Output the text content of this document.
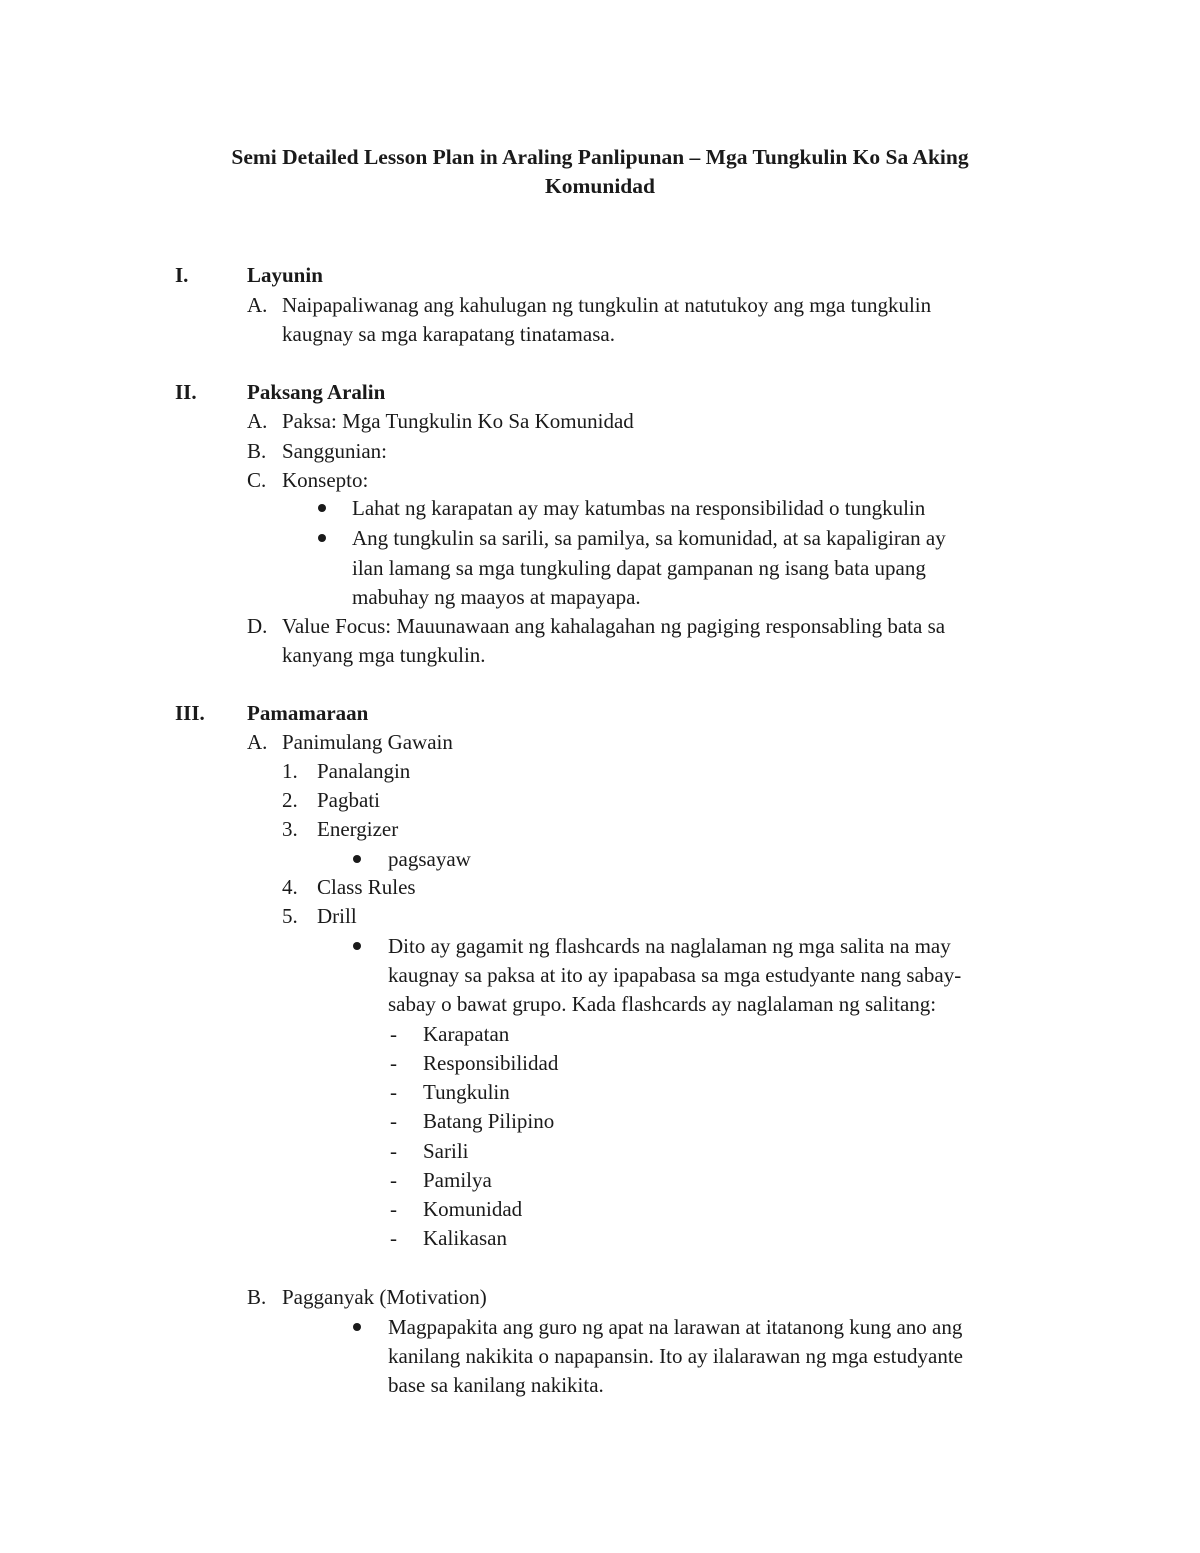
Semi Detailed Lesson Plan in Araling Panlipunan – Mga Tungkulin Ko Sa Aking
Komunidad
I.	Layunin
A. Naipapaliwanag ang kahulugan ng tungkulin at natutukoy ang mga tungkulin
kaugnay sa mga karapatang tinatamasa.
II. Paksang Aralin
A. Paksa: Mga Tungkulin Ko Sa Komunidad
B. Sanggunian:
C. Konsepto:
Lahat ng karapatan ay may katumbas na responsibilidad o tungkulin
Ang tungkulin sa sarili, sa pamilya, sa komunidad, at sa kapaligiran ay
ilan lamang sa mga tungkuling dapat gampanan ng isang bata upang
mabuhay ng maayos at mapayapa.
D. Value Focus: Mauunawaan ang kahalagahan ng pagiging responsabling bata sa
kanyang mga tungkulin.
III. Pamamaraan
A. Panimulang Gawain
1. Panalangin
2. Pagbati
3. Energizer
pagsayaw
4. Class Rules
5. Drill
Dito ay gagamit ng flashcards na naglalaman ng mga salita na may
kaugnay sa paksa at ito ay ipapabasa sa mga estudyante nang sabay-
sabay o bawat grupo. Kada flashcards ay naglalaman ng salitang:
- Karapatan
- Responsibilidad
- Tungkulin
- Batang Pilipino
- Sarili
- Pamilya
- Komunidad
- Kalikasan
B. Pagganyak (Motivation)
Magpapakita ang guro ng apat na larawan at itatanong kung ano ang
kanilang nakikita o napapansin. Ito ay ilalarawan ng mga estudyante
base sa kanilang nakikita.
